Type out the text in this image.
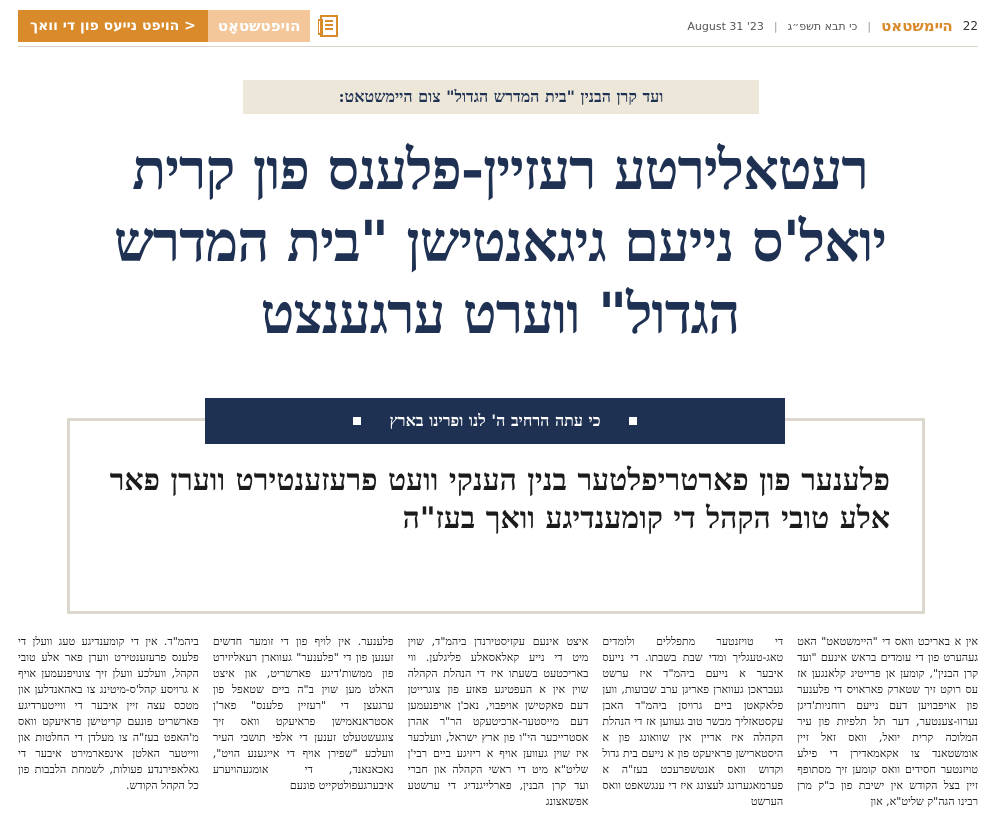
< הויפט נייעס פון די וואך	הויפטשטאָט	August 31 '23 | כי תבא תשפ״ג | הײמשטאט 22
ועד קרן הבנין "בית המדרש הגדול" צום היימשטאט:
רעטאלירטע רעזיין-פלענס פון קרית
יואל'ס נייעם גיגאנטישן "בית המדרש
הגדול" ווערט ערגענצט
כי עתה הרחיב ה' לנו ופרינו בארץ
פלענער פון פארטריפלטער בנין הענקי וועט פרעזענטירט ווערן פאר אלע טובי הקהל די קומענדיגע וואך בעז"ה

אין א באריכט וואס די "היימשטאט" האט געהערט פון די עומדים בראש אינעם "ועד קרן הבנין", קומען אן פרייטיג קלאנגען אז עס רוקט זיך שטארק פאראויס די פלענער פון אויפבויען דעם נייעם רוחניות'דיגן נערוו-צענטער, דער תל תלפיות פון עיר המלוכה קרית יואל, וואס זאל זיין אומשטאנד צו אקאמאדירן די פילע טויזנטער חסידים וואס קומען זיך מסתופף זיין בצל הקודש אין ישיבת פון כ"ק מרן רבינו הגה"ק שליט"א, און

די טויזנטער מתפללים ולומדים טאג-טעגליך ומדי שבת בשבתו. די נייעס איבער א נייעם ביהמ"ד איז ערשט געבראכן געווארן פאריגן ערב שבועות, ווען פלאקאטן ביים גרויסן ביהמ"ד האבן עקסטאזליך מבשר טוב געווען אז די הנהלת הקהלה איז אריין אין שוואונג פון א היסטארישן פראיעקט פון א נייעם בית גדול וקדוש וואס אנטשפרעכט בעז"ה א פערמאגערונג לעצונג איז די ענגשאפט וואס הערשט

איצט אינעם עקזיסטירנדן ביהמ"ד, שוין מיט די נייע קאלאסאלע פליגלען. ווי באריכטעט בשעתו איז די הנהלת הקהלה שוין אין א העפטיגע פאזע פון צוגרייטן דעם פאקטישן אויפבוי, נאכ'ן אויפנעמען דעם מייסטער-ארכיטעקט הר"ר אהרן אסטרייכער הי"ו פון ארץ ישראל, וועלכער איז שוין געווען אויף א ריזיגע ביים רבי'ן שליט"א מיט די ראשי הקהלה און חברי ועד קרן הבנין, פארלייגנדיג די ערשטע אפשאצונג

פלענער. אין לויף פון די זומער חדשים זענען פון די "פלענער" געווארן רעאליזירט פון ממשות'דיגע פארשריט, און איצט האלט מען שוין ב"ה ביים שטאפל פון ערגעצן די "רעזיין פלענס" פאר'ן אסטראנאמישן פראיעקט וואס זיך צוגעשטעלט זענען די אלפי תושבי העיר וועלכע "שפירן אויף די אייגענע הויט", נאכאנאנד, די אומגעהויערע איבערגעפולטקייט פונעם

ביהמ"ד. אין די קומענדיגע טעג וועלן די פלענס פרעזענטירט ווערן פאר אלע טובי הקהל, וועלכע וועלן זיך צונויפנעמען אויף א גרויסע קהל'ס-מיטינג צו באהאנדלען און מטכס עצה זיין איבער די ווייטערדיגע פארשריט פונעם קריטישן פראיעקט וואס מ'האפט בעז"ה צו מעלדן די החלטות און ווייטער האלטן אינפארמירט איבער די גאלאפירנדע פעולות, לשמחת הלבבות פון כל הקהל הקודש.
